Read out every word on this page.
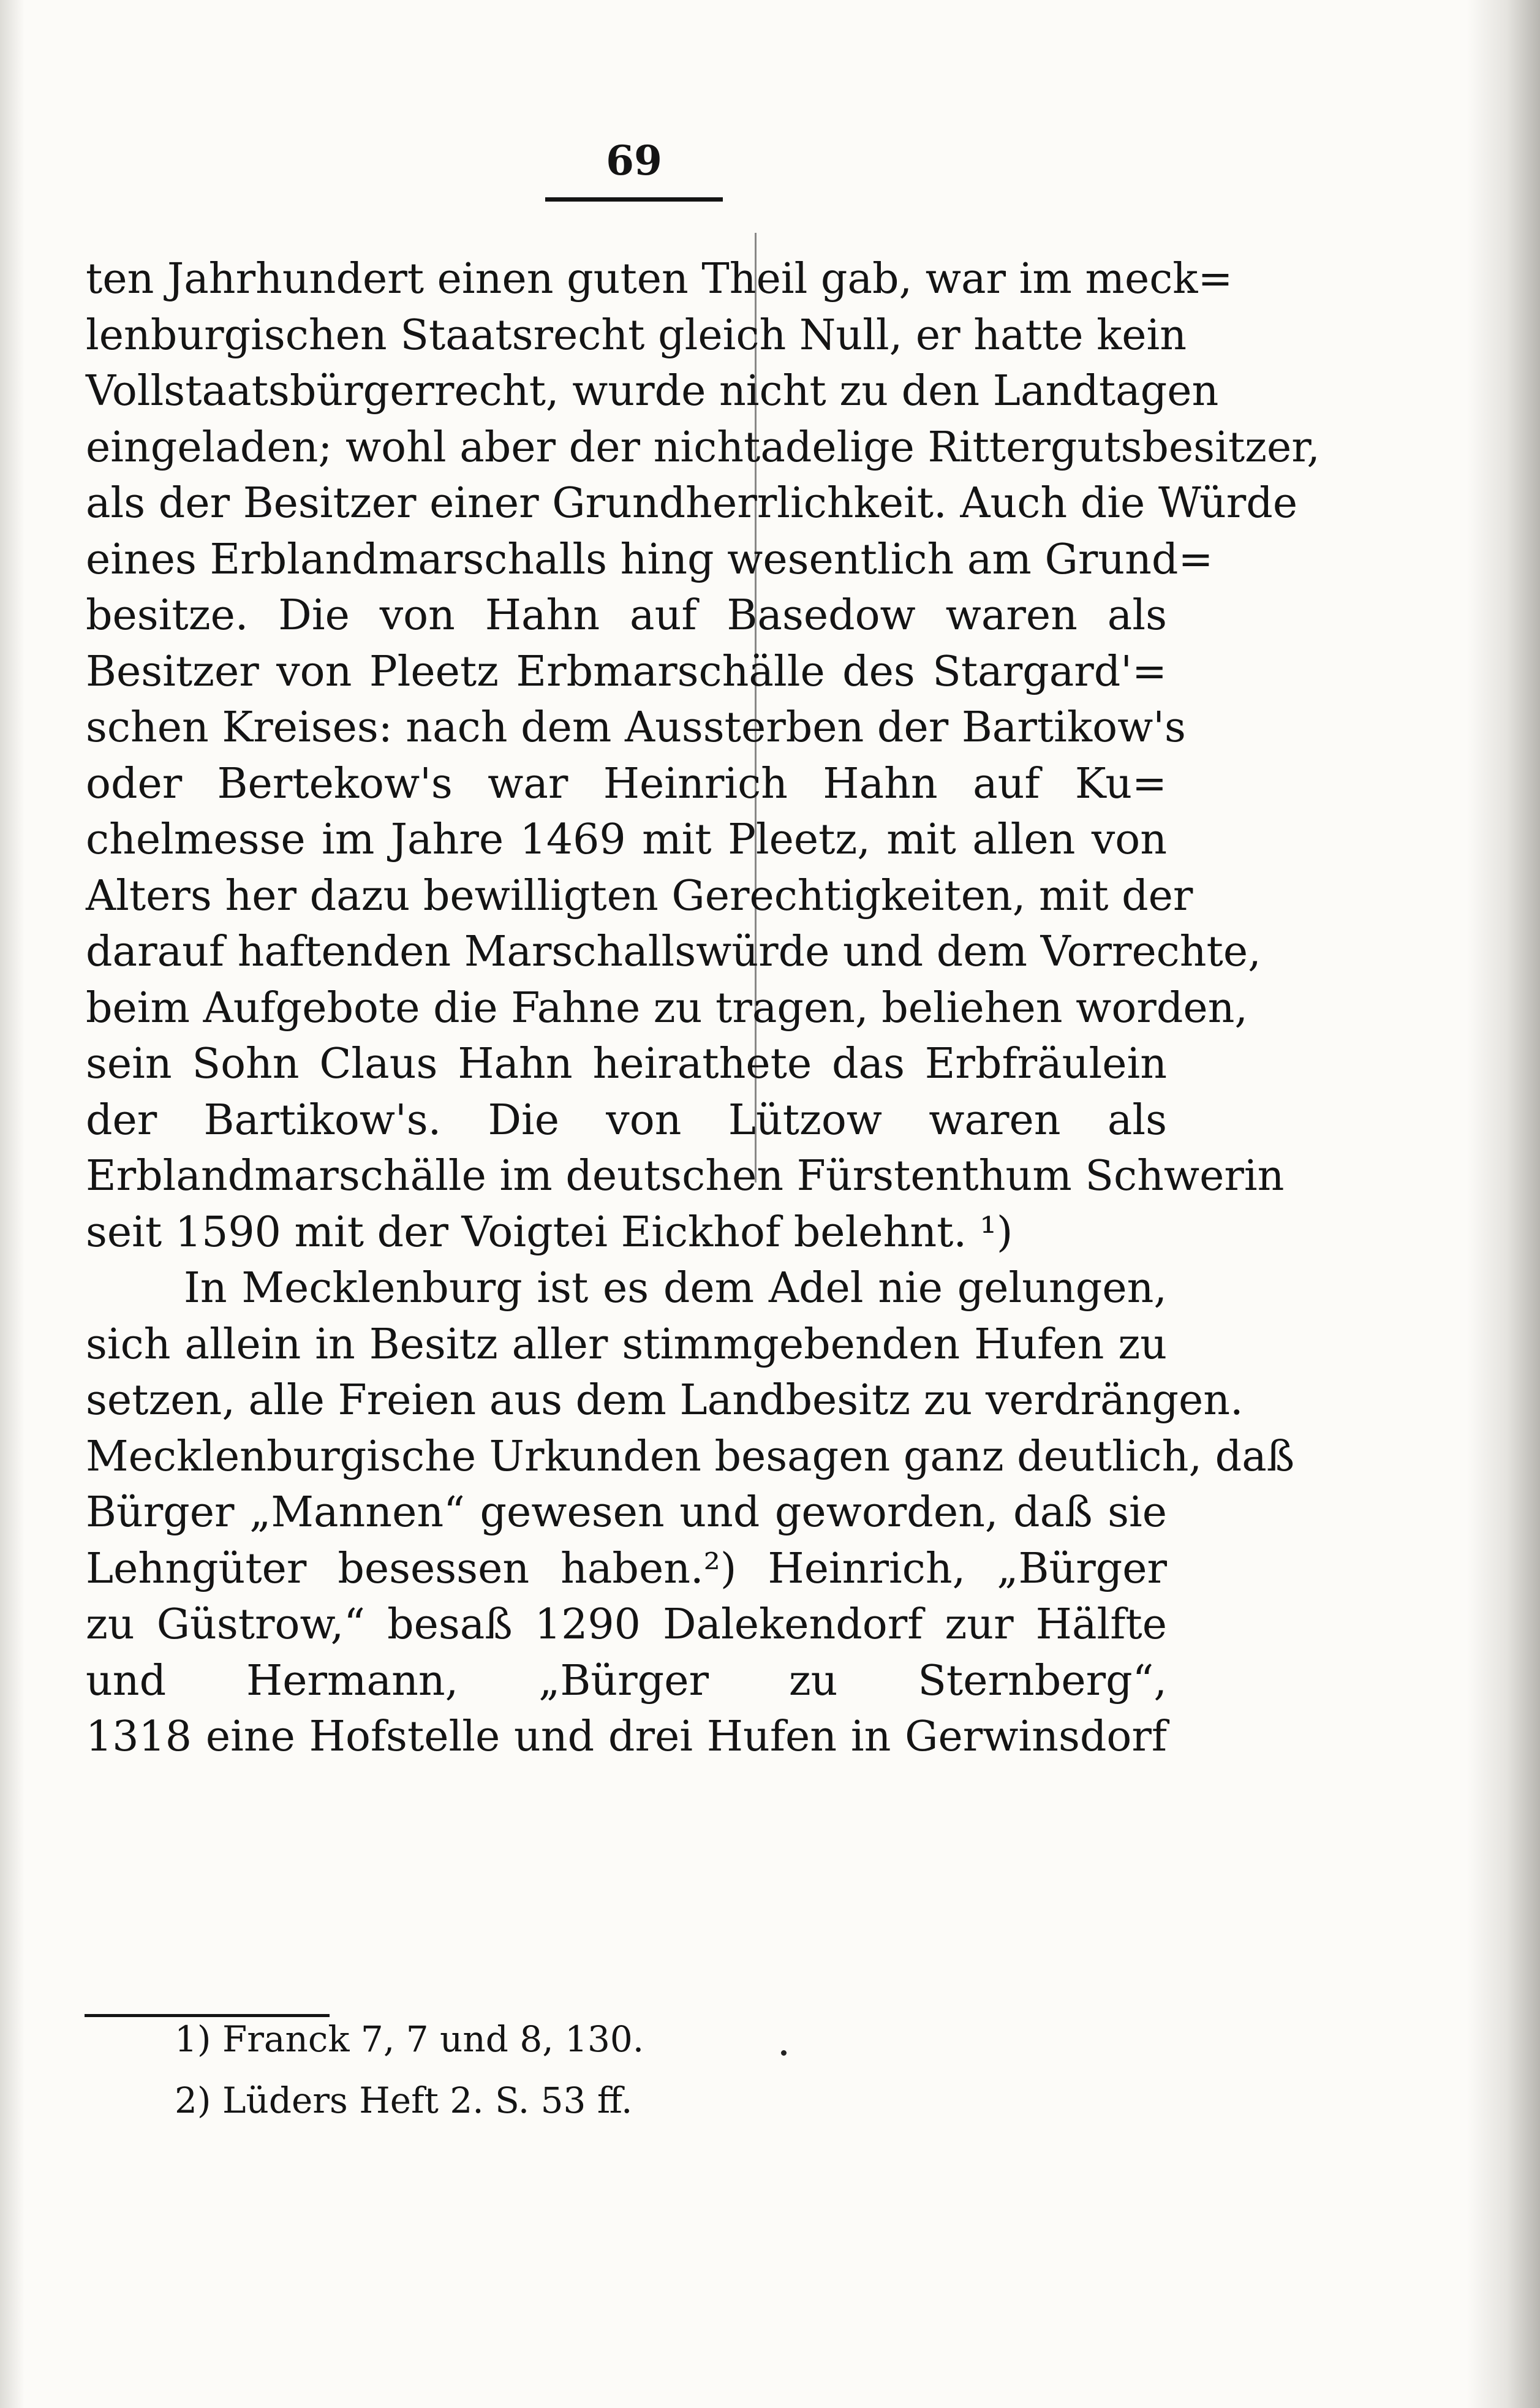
69
ten Jahrhundert einen guten Theil gab, war im meck=
lenburgischen Staatsrecht gleich Null, er hatte kein
Vollstaatsbürgerrecht, wurde nicht zu den Landtagen
eingeladen; wohl aber der nichtadelige Rittergutsbesitzer,
als der Besitzer einer Grundherrlichkeit. Auch die Würde
eines Erblandmarschalls hing wesentlich am Grund=
besitze. Die von Hahn auf Basedow waren als
Besitzer von Pleetz Erbmarschälle des Stargard'=
schen Kreises: nach dem Aussterben der Bartikow's
oder Bertekow's war Heinrich Hahn auf Ku=
chelmesse im Jahre 1469 mit Pleetz, mit allen von
Alters her dazu bewilligten Gerechtigkeiten, mit der
darauf haftenden Marschallswürde und dem Vorrechte,
beim Aufgebote die Fahne zu tragen, beliehen worden,
sein Sohn Claus Hahn heirathete das Erbfräulein
der Bartikow's. Die von Lützow waren als
Erblandmarschälle im deutschen Fürstenthum Schwerin
seit 1590 mit der Voigtei Eickhof belehnt. ¹)
In Mecklenburg ist es dem Adel nie gelungen,
sich allein in Besitz aller stimmgebenden Hufen zu
setzen, alle Freien aus dem Landbesitz zu verdrängen.
Mecklenburgische Urkunden besagen ganz deutlich, daß
Bürger „Mannen“ gewesen und geworden, daß sie
Lehngüter besessen haben.²) Heinrich, „Bürger
zu Güstrow,“ besaß 1290 Dalekendorf zur Hälfte
und Hermann, „Bürger zu Sternberg“,
1318 eine Hofstelle und drei Hufen in Gerwinsdorf
1) Franck 7, 7 und 8, 130.
2) Lüders Heft 2. S. 53 ff.
